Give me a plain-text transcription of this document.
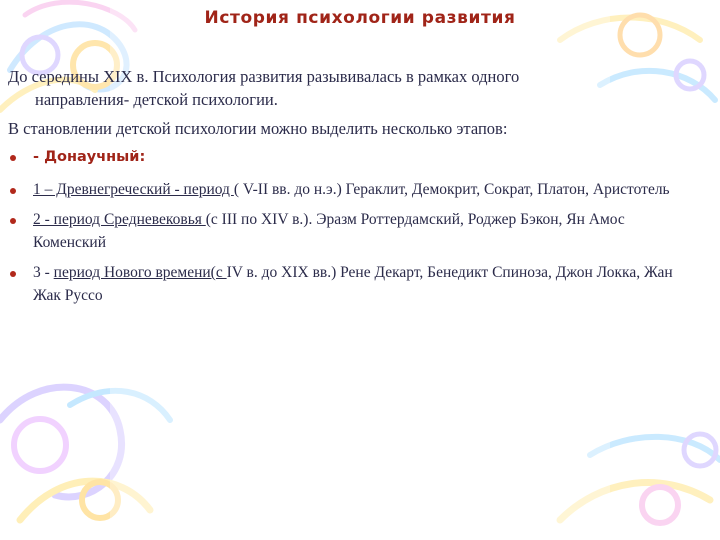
История психологии развития
До середины XIX в. Психология развития разывивалась в рамках одного
направления- детской психологии.
В становлении детской психологии можно выделить несколько этапов:
- Донаучный:
1 – Древнегреческий - период ( V-II вв. до н.э.) Гераклит, Демокрит, Сократ, Платон, Аристотель
2 - период Средневековья (с III по XIV в.). Эразм Роттердамский, Роджер Бэкон, Ян Амос Коменский
3 - период Нового времени(с IV в. до XIX вв.) Рене Декарт, Бенедикт Спиноза, Джон Локка, Жан Жак Руссо
